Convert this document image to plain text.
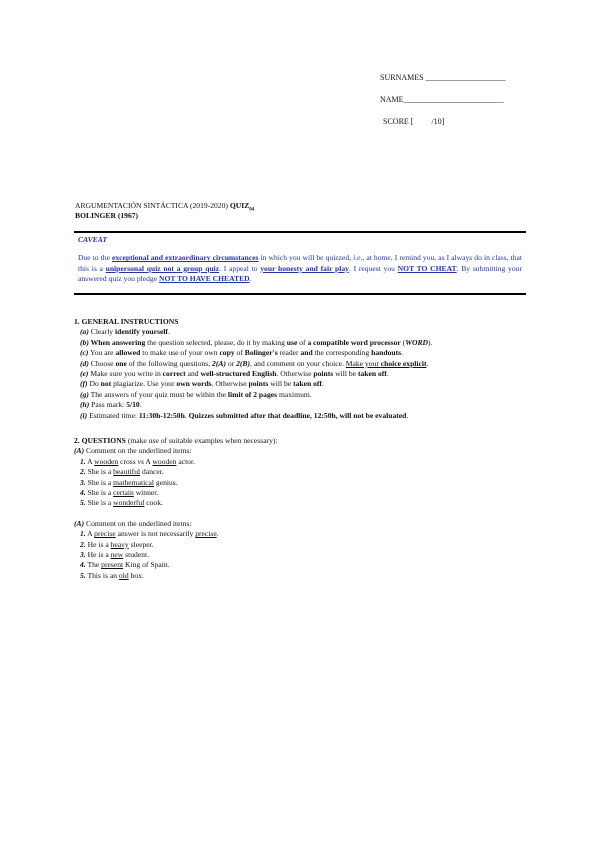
SURNAMES ____________________
NAME_________________________
SCORE [ /10]
ARGUMENTACIÓN SINTÁCTICA (2019-2020) $QUIZ_{04}$
BOLINGER (1967)
CAVEAT

Due to the exceptional and extraordinary circumstances in which you will be quizzed, i.e., at home, I remind you, as I always do in class, that this is a unipersonal quiz not a group quiz. I appeal to your honesty and fair play. I request you NOT TO CHEAT. By submitting your answered quiz you pledge NOT TO HAVE CHEATED.

1. GENERAL INSTRUCTIONS
(a) Clearly identify yourself.
(b) When answering the question selected, please, do it by making use of a compatible word processor (WORD).
(c) You are allowed to make use of your own copy of Bolinger's reader and the corresponding handouts.
(d) Choose one of the following questions, 2(A) or 2(B), and comment on your choice. Make your choice explicit.
(e) Make sure you write in correct and well-structured English. Otherwise points will be taken off.
(f) Do not plagiarize. Use your own words. Otherwise points will be taken off.
(g) The answers of your quiz must be within the limit of 2 pages maximum.
(h) Pass mark: 5/10.
(i) Estimated time: 11:30h-12:50h. Quizzes submitted after that deadline, 12:50h, will not be evaluated.
2. QUESTIONS (make use of suitable examples when necessary):
(A) Comment on the underlined items:
1. A wooden cross vs A wooden actor.
2. She is a beautiful dancer.
3. She is a mathematical genius.
4. She is a certain winner.
5. She is a wonderful cook.
(A) Comment on the underlined items:
1. A precise answer is not necessarily precise.
2. He is a heavy sleeper.
3. He is a new student.
4. The present King of Spain.
5. This is an old box.
